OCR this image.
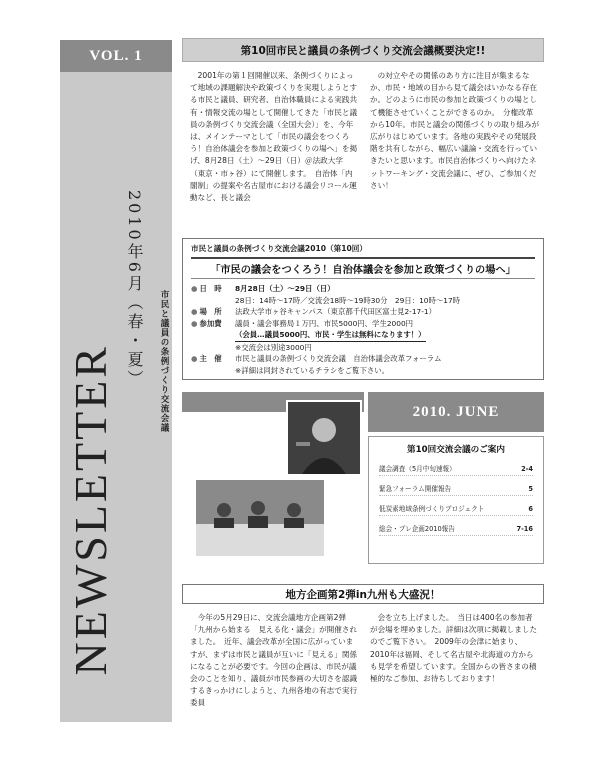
VOL. 1
2010年6月（春・夏）	市民と議員の条例づくり交流会議
NEWSLETTER
第10回市民と議員の条例づくり交流会議概要決定!!

2001年の第１回開催以来、条例づくりによって地域の課題解決や政策づくりを実現しようとする市民と議員、研究者、自治体職員による実践共有・情報交流の場として開催してきた「市民と議員の条例づくり交流会議（全国大会）」を、今年は、メインテーマとして「市民の議会をつくろう！自治体議会を参加と政策づくりの場へ」を掲げ、8月28日（土）～29日（日）＠法政大学（東京・市ヶ谷）にて開催します。　自治体「内閣制」の提案や名古屋市における議会リコール運動など、長と議会

の対立やその関係のあり方に注目が集まるなか、市民・地域の目から見て議会はいかなる存在か。どのように市民の参加と政策づくりの場として機能させていくことができるのか。　分権改革から10年。市民と議会の関係づくりの取り組みが広がりはじめています。各地の実践やその発展段階を共有しながら、幅広い議論・交流を行っていきたいと思います。市民自治体づくりへ向けたネットワーキング・交流会議に、ぜひ、ご参加ください！

市民と議員の条例づくり交流会議2010（第10回）
「市民の議会をつくろう！自治体議会を参加と政策づくりの場へ」
● 日　時	8月28日（土）～29日（日）
28日：14時～17時／交流会18時～19時30分　29日：10時～17時
● 場　所	法政大学市ヶ谷キャンパス（東京都千代田区富士見2-17-1）
● 参加費	議員・議会事務局１万円、市民5000円、学生2000円
（会員…議員5000円、市民・学生は無料になります！）
※交流会は別途3000円
● 主　催	市民と議員の条例づくり交流会議　自治体議会改革フォーラム
※詳細は同封されているチラシをご覧下さい。
2010. JUNE
第10回交流会議のご案内
議会調査（5月中旬速報）	2-4
緊急フォーラム開催報告	5
低炭素地域条例づくりプロジェクト	6
総会・プレ企画2010報告	7-16
地方企画第2弾in九州も大盛況！

今年の5月29日に、交流会議地方企画第2弾「九州から始まる　見える化・議会」が開催されました。　近年、議会改革が全国に広がっていますが、まずは市民と議員が互いに「見える」関係になることが必要です。今回の企画は、市民が議会のことを知り、議員が市民参画の大切さを認識するきっかけにしようと、九州各地の有志で実行委員

会を立ち上げました。　当日は400名の参加者が会場を埋めました。詳細は次項に掲載しましたのでご覧下さい。　2009年の会津に始まり、2010年は福岡、そして名古屋や北海道の方からも見学を希望しています。全国からの皆さまの積極的なご参加、お待ちしております！
